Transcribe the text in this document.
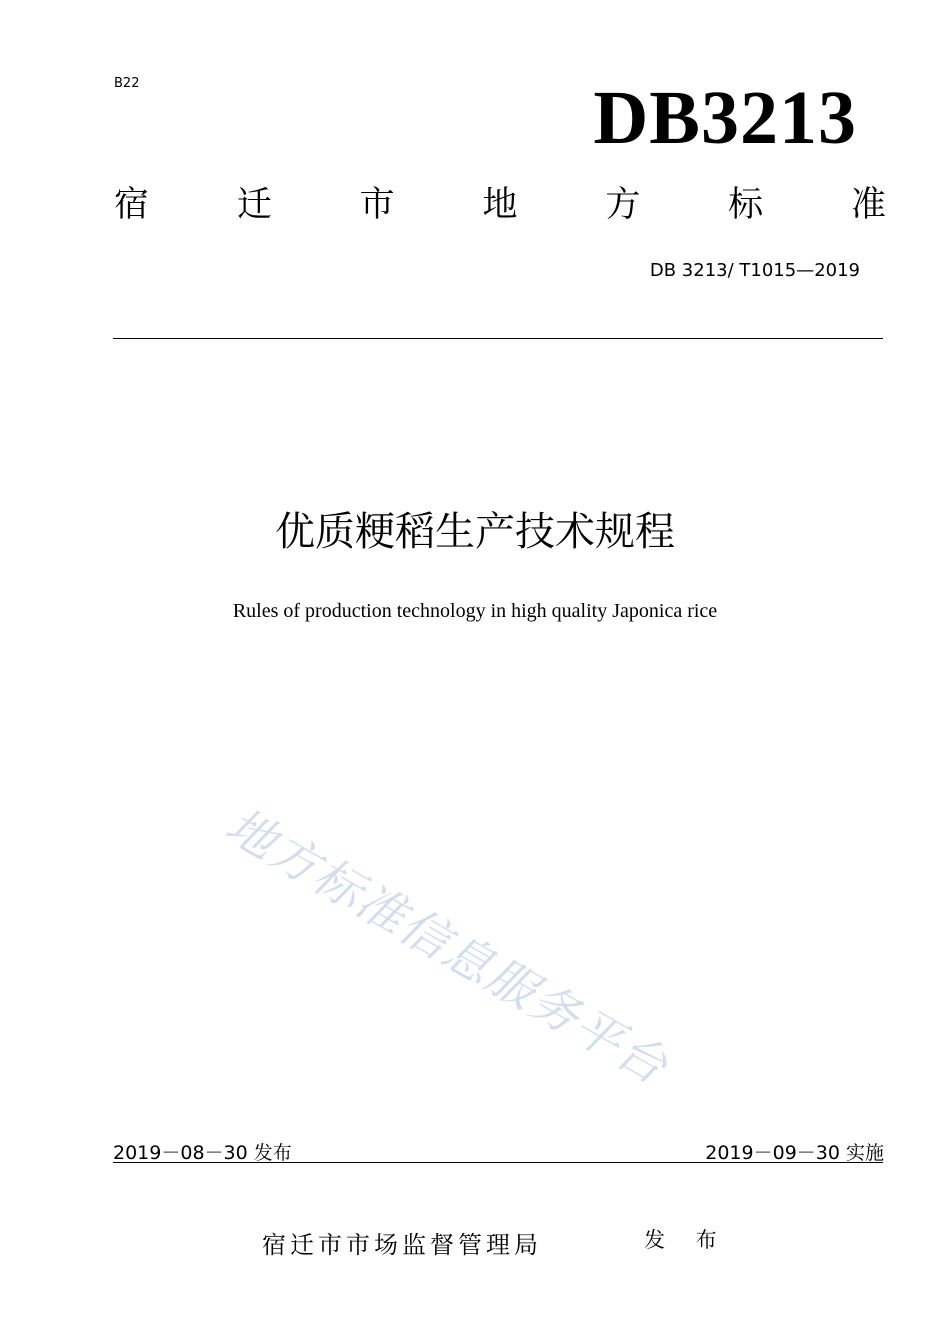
B22	DB3213
宿	迁	市	地	方	标	准
DB 3213/ T1015—2019
优质粳稻生产技术规程
Rules of production technology in high quality Japonica rice
地方标准信息服务平台
2019－08－30 发布	2019－09－30 实施
宿迁市市场监督管理局	发 布
